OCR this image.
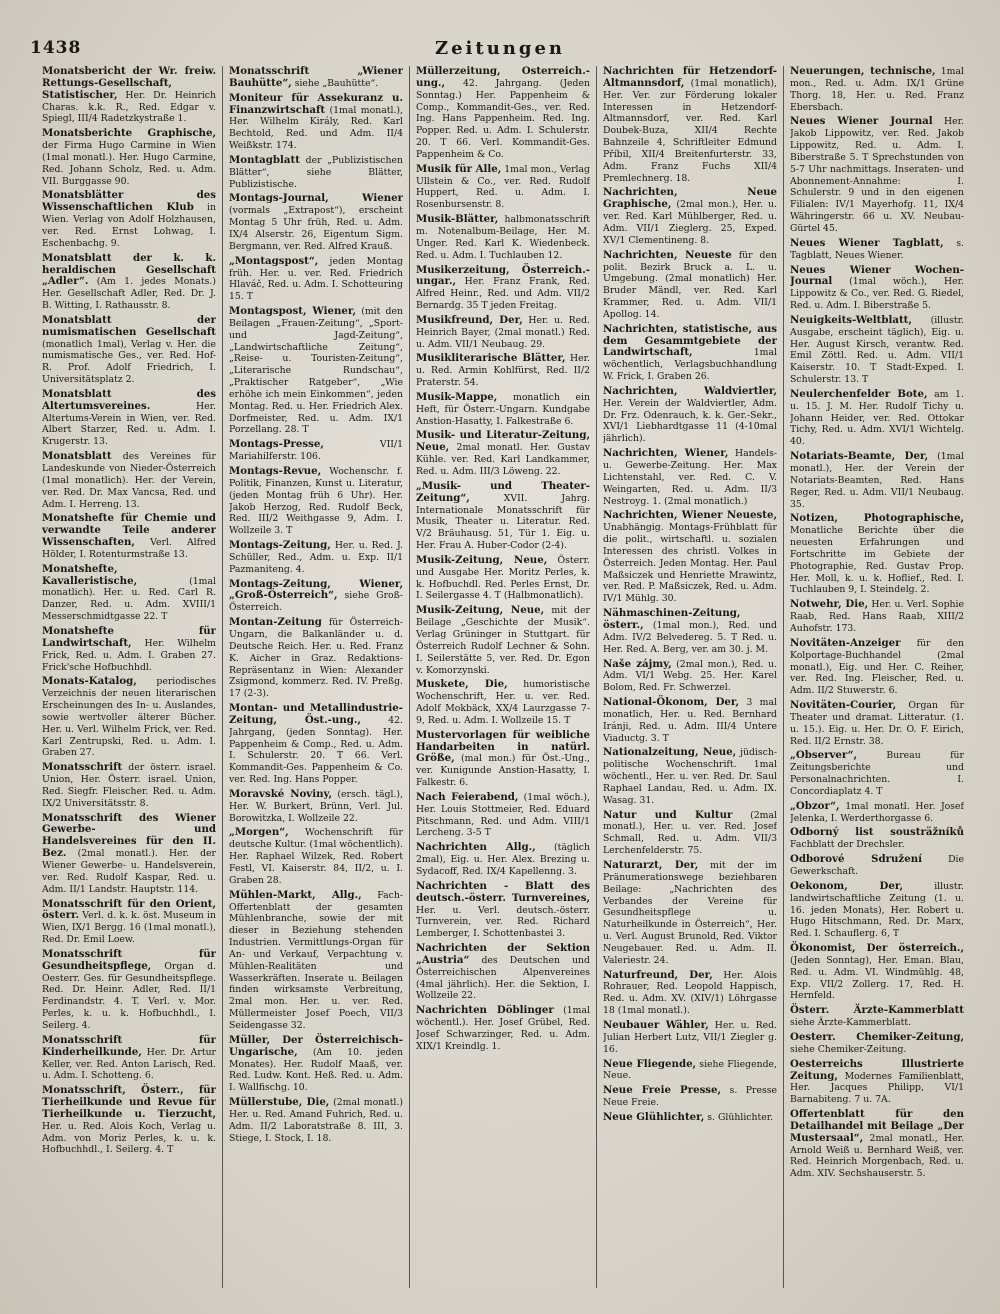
1438	Zeitungen
Monatsbericht der Wr. freiw. Rettungs-Gesellschaft, Statistischer, Her. Dr. Heinrich Charas. k.k. R., Red. Edgar v. Spiegl, III/4 Radetzkystraße 1.
Monatsberichte Graphische, der Firma Hugo Carmine in Wien (1mal monatl.). Her. Hugo Carmine, Red. Johann Scholz, Red. u. Adm. VII. Burggasse 90.
Monatsblätter des Wissenschaftlichen Klub in Wien. Verlag von Adolf Holzhausen, ver. Red. Ernst Lohwag, I. Eschenbachg. 9.
Monatsblatt der k. k. heraldischen Gesellschaft „Adler“. (Am 1. jedes Monats.) Her. Gesellschaft Adler, Red. Dr. J. B. Witting, I. Rathausstr. 8.
Monatsblatt der numismatischen Gesellschaft (monatlich 1mal), Verlag v. Her. die numismatische Ges., ver. Red. Hof-R. Prof. Adolf Friedrich, I. Universitätsplatz 2.
Monatsblatt des Altertumsvereines. Her. Altertums-Verein in Wien, ver. Red. Albert Starzer, Red. u. Adm. I. Krugerstr. 13.
Monatsblatt des Vereines für Landeskunde von Nieder-Österreich (1mal monatlich). Her. der Verein, ver. Red. Dr. Max Vancsa, Red. und Adm. I. Herreng. 13.
Monatshefte für Chemie und verwandte Teile anderer Wissenschaften, Verl. Alfred Hölder, I. Rotenturmstraße 13.
Monatshefte, Kavalleristische, (1mal monatlich). Her. u. Red. Carl R. Danzer, Red. u. Adm. XVIII/1 Messerschmidtgasse 22. T
Monatshefte für Landwirtschaft, Her. Wilhelm Frick, Red. u. Adm. I. Graben 27. Frick'sche Hofbuchhdl.
Monats-Katalog, periodisches Verzeichnis der neuen literarischen Erscheinungen des In- u. Auslandes, sowie wertvoller älterer Bücher. Her. u. Verl. Wilhelm Frick, ver. Red. Karl Zentrupski, Red. u. Adm. I. Graben 27.
Monatsschrift der österr. israel. Union, Her. Österr. israel. Union, Red. Siegfr. Fleischer. Red. u. Adm. IX/2 Universitätsstr. 8.
Monatsschrift des Wiener Gewerbe- und Handelsvereines für den II. Bez. (2mal monatl.). Her. der Wiener Gewerbe- u. Handelsverein, ver. Red. Rudolf Kaspar, Red. u. Adm. II/1 Landstr. Hauptstr. 114.
Monatsschrift für den Orient, österr. Verl. d. k. k. öst. Museum in Wien, IX/1 Bergg. 16 (1mal monatl.), Red. Dr. Emil Loew.
Monatsschrift für Gesundheitspflege, Organ d. Oesterr. Ges. für Gesundheitspflege. Red. Dr. Heinr. Adler, Red. II/1 Ferdinandstr. 4. T. Verl. v. Mor. Perles, k. u. k. Hofbuchhdl., I. Seilerg. 4.
Monatsschrift für Kinderheilkunde, Her. Dr. Artur Keller, ver. Red. Anton Larisch, Red. u. Adm. I. Schotteng. 6.
Monatsschrift, Österr., für Tierheilkunde und Revue für Tierheilkunde u. Tierzucht, Her. u. Red. Alois Koch, Verlag u. Adm. von Moriz Perles, k. u. k. Hofbuchhdl., I. Seilerg. 4. T
Monatsschrift „Wiener Bauhütte“, siehe „Bauhütte“.
Moniteur für Assekuranz u. Finanzwirtschaft (1mal monatl.), Her. Wilhelm Király, Red. Karl Bechtold, Red. und Adm. II/4 Weißkstr. 174.
Montagblatt der „Publizistischen Blätter“, siehe Blätter, Publizistische.
Montags-Journal, Wiener (vormals „Extrapost“), erscheint Montag 5 Uhr früh, Red. u. Adm. IX/4 Alserstr. 26, Eigentum Sigm. Bergmann, ver. Red. Alfred Krauß.
„Montagspost“, jeden Montag früh. Her. u. ver. Red. Friedrich Hlaváč, Red. u. Adm. I. Schotteuring 15. T
Montagspost, Wiener, (mit den Beilagen „Frauen-Zeitung“, „Sport- und Jagd-Zeitung“, „Landwirtschaftliche Zeitung“, „Reise- u. Touristen-Zeitung“, „Literarische Rundschau“, „Praktischer Ratgeber“, „Wie erhöhe ich mein Einkommen“, jeden Montag. Red. u. Her. Friedrich Alex. Dorfmeister, Red. u. Adm. IX/1 Porzellang. 28. T
Montags-Presse, VII/1 Mariahilferstr. 106.
Montags-Revue, Wochenschr. f. Politik, Finanzen, Kunst u. Literatur, (jeden Montag früh 6 Uhr). Her. Jakob Herzog, Red. Rudolf Beck, Red. III/2 Weithgasse 9, Adm. I. Wollzeile 3. T
Montags-Zeitung, Her. u. Red. J. Schüller, Red., Adm. u. Exp. II/1 Pazmaniteng. 4.
Montags-Zeitung, Wiener, „Groß-Österreich“, siehe Groß-Österreich.
Montan-Zeitung für Österreich-Ungarn, die Balkanländer u. d. Deutsche Reich. Her. u. Red. Franz K. Aicher in Graz. Redaktions-Repräsentanz in Wien: Alexander Zsigmond, kommerz. Red. IV. Preßg. 17 (2-3).
Montan- und Metallindustrie-Zeitung, Öst.-ung., 42. Jahrgang, (jeden Sonntag). Her. Pappenheim & Comp., Red. u. Adm. I. Schulerstr. 20. T 66. Verl. Kommandit-Ges. Pappenheim & Co. ver. Red. Ing. Hans Popper.
Moravské Noviny, (ersch. tägl.), Her. W. Burkert, Brünn, Verl. Jul. Borowitzka, I. Wollzeile 22.
„Morgen“, Wochenschrift für deutsche Kultur. (1mal wöchentlich). Her. Raphael Wilzek, Red. Robert Festl, VI. Kaiserstr. 84, II/2, u. I. Graben 28.
Mühlen-Markt, Allg., Fach-Offertenblatt der gesamten Mühlenbranche, sowie der mit dieser in Beziehung stehenden Industrien. Vermittlungs-Organ für An- und Verkauf, Verpachtung v. Mühlen-Realitäten und Wasserkräften. Inserate u. Beilagen finden wirksamste Verbreitung, 2mal mon. Her. u. ver. Red. Müllermeister Josef Poech, VII/3 Seidengasse 32.
Müller, Der Österreichisch-Ungarische, (Am 10. jeden Monates). Her. Rudolf Maaß, ver. Red. Ludw. Kont. Heß. Red. u. Adm. I. Wallfischg. 10.
Müllerstube, Die, (2mal monatl.) Her. u. Red. Amand Fuhrich, Red. u. Adm. II/2 Laboratstraße 8. III, 3. Stiege, I. Stock, I. 18.
Müllerzeitung, Österreich.-ung., 42. Jahrgang. (Jeden Sonntag.) Her. Pappenheim & Comp., Kommandit-Ges., ver. Red. Ing. Hans Pappenheim. Red. Ing. Popper. Red. u. Adm. I. Schulerstr. 20. T 66. Verl. Kommandit-Ges. Pappenheim & Co.
Musik für Alle, 1mal mon., Verlag Ullstein & Co., ver. Red. Rudolf Huppert, Red. u. Adm. I. Rosenbursenstr. 8.
Musik-Blätter, halbmonatsschrift m. Notenalbum-Beilage, Her. M. Unger. Red. Karl K. Wiedenbeck. Red. u. Adm. I. Tuchlauben 12.
Musikerzeitung, Österreich.-ungar., Her. Franz Frank, Red. Alfred Heinr., Red. und Adm. VII/2 Bernardg. 35 T jeden Freitag.
Musikfreund, Der, Her. u. Red. Heinrich Bayer, (2mal monatl.) Red. u. Adm. VII/1 Neubaug. 29.
Musikliterarische Blätter, Her. u. Red. Armin Kohlfürst, Red. II/2 Praterstr. 54.
Musik-Mappe, monatlich ein Heft, für Österr.-Ungarn. Kundgabe Anstion-Hasatty, I. Falkestraße 6.
Musik- und Literatur-Zeitung, Neue, 2mal monatl. Her. Gustav Kühle. ver. Red. Karl Landkammer, Red. u. Adm. III/3 Löweng. 22.
„Musik- und Theater-Zeitung“, XVII. Jahrg. Internationale Monatsschrift für Musik, Theater u. Literatur. Red. V/2 Bräuhausg. 51, Tür 1. Eig. u. Her. Frau A. Huber-Codor (2-4).
Musik-Zeitung, Neue, Österr. und Ausgabe Her. Moritz Perles, k. k. Hofbuchdl. Red. Perles Ernst, Dr. I. Seilergasse 4. T (Halbmonatlich).
Musik-Zeitung, Neue, mit der Beilage „Geschichte der Musik“. Verlag Grüninger in Stuttgart. für Österreich Rudolf Lechner & Sohn. I. Seilerstätte 5, ver. Red. Dr. Egon v. Komorzynski.
Muskete, Die, humoristische Wochenschrift, Her. u. ver. Red. Adolf Mokbäck, XX/4 Laurzgasse 7-9, Red. u. Adm. I. Wollzeile 15. T
Mustervorlagen für weibliche Handarbeiten in natürl. Größe, (mal mon.) für Öst.-Ung., ver. Kunigunde Anstion-Hasatty, I. Falkestr. 6.
Nach Feierabend, (1mal wöch.), Her. Louis Stottmeier, Red. Eduard Pitschmann, Red. und Adm. VIII/1 Lercheng. 3-5 T
Nachrichten Allg., (täglich 2mal), Eig. u. Her. Alex. Brezing u. Sydacoff, Red. IX/4 Kapellenng. 3.
Nachrichten - Blatt des deutsch.-österr. Turnvereines, Her. u. Verl. deutsch.-österr. Turnverein, ver. Red. Richard Lemberger, I. Schottenbastei 3.
Nachrichten der Sektion „Austria“ des Deutschen und Österreichischen Alpenvereines (4mal jährlich). Her. die Sektion, I. Wollzeile 22.
Nachrichten Döblinger (1mal wöchentl.). Her. Josef Grübel, Red. Josef Schwarzinger, Red. u. Adm. XIX/1 Kreindlg. 1.
Nachrichten für Hetzendorf-Altmannsdorf, (1mal monatlich), Her. Ver. zur Förderung lokaler Interessen in Hetzendorf-Altmannsdorf, ver. Red. Karl Doubek-Buza, XII/4 Rechte Bahnzeile 4, Schriftleiter Edmund Příbil, XII/4 Breitenfurterstr. 33, Adm. Franz Fuchs XII/4 Premlechnerg. 18.
Nachrichten, Neue Graphische, (2mal mon.), Her. u. ver. Red. Karl Mühlberger, Red. u. Adm. VII/1 Zieglerg. 25, Exped. XV/1 Clementineng. 8.
Nachrichten, Neueste für den polit. Bezirk Bruck a. L. u. Umgebung. (2mal monatlich) Her. Bruder Mändl, ver. Red. Karl Krammer, Red. u. Adm. VII/1 Apollog. 14.
Nachrichten, statistische, aus dem Gesammtgebiete der Landwirtschaft, 1mal wöchentlich, Verlagsbuchhandlung W. Frick, I. Graben 26.
Nachrichten, Waldviertler, Her. Verein der Waldviertler, Adm. Dr. Frz. Odenrauch, k. k. Ger.-Sekr., XVI/1 Liebhardtgasse 11 (4-10mal jährlich).
Nachrichten, Wiener, Handels- u. Gewerbe-Zeitung. Her. Max Lichtenstahl, ver. Red. C. V. Weingarten, Red. u. Adm. II/3 Nestroyg. 1. (2mal monatlich.)
Nachrichten, Wiener Neueste, Unabhängig. Montags-Frühblatt für die polit., wirtschaftl. u. sozialen Interessen des christl. Volkes in Österreich. Jeden Montag. Her. Paul Maßsiczek und Henriette Mrawintz, ver. Red. P. Maßsiczek, Red. u. Adm. IV/1 Mühlg. 30.
Nähmaschinen-Zeitung, österr., (1mal mon.), Red. und Adm. IV/2 Belvedereg. 5. T Red. u. Her. Red. A. Berg, ver. am 30. j. M.
Naše zájmy, (2mal mon.), Red. u. Adm. VI/1 Webg. 25. Her. Karel Bolom, Red. Fr. Schwerzel.
National-Ökonom, Der, 3 mal monatlich, Her. u. Red. Bernhard Iránji, Red. u. Adm. III/4 Untere Viaductg. 3. T
Nationalzeitung, Neue, jüdisch-politische Wochenschrift. 1mal wöchentl., Her. u. ver. Red. Dr. Saul Raphael Landau, Red. u. Adm. IX. Wasag. 31.
Natur und Kultur (2mal monatl.), Her. u. ver. Red. Josef Schmall, Red. u. Adm. VII/3 Lerchenfelderstr. 75.
Naturarzt, Der, mit der im Pränumerationswege beziehbaren Beilage: „Nachrichten des Verbandes der Vereine für Gesundheitspflege u. Naturheilkunde in Österreich“, Her. u. Verl. August Brunold, Red. Viktor Neugebauer. Red. u. Adm. II. Valeriestr. 24.
Naturfreund, Der, Her. Alois Rohrauer, Red. Leopold Happisch, Red. u. Adm. XV. (XIV/1) Löhrgasse 18 (1mal monatl.).
Neubauer Wähler, Her. u. Red. Julian Herbert Lutz, VII/1 Ziegler g. 16.
Neue Fliegende, siehe Fliegende, Neue.
Neue Freie Presse, s. Presse Neue Freie.
Neue Glühlichter, s. Glühlichter.
Neuerungen, technische, 1mal mon., Red. u. Adm. IX/1 Grüne Thorg. 18, Her. u. Red. Franz Ebersbach.
Neues Wiener Journal Her. Jakob Lippowitz, ver. Red. Jakob Lippowitz, Red. u. Adm. I. Biberstraße 5. T Sprechstunden von 5-7 Uhr nachmittags. Inseraten- und Abonnement-Annahme: I. Schulerstr. 9 und in den eigenen Filialen: IV/1 Mayerhofg. 11, IX/4 Währingerstr. 66 u. XV. Neubau-Gürtel 45.
Neues Wiener Tagblatt, s. Tagblatt, Neues Wiener.
Neues Wiener Wochen-Journal (1mal wöch.), Her. Lippowitz & Co., ver. Red. G. Riedel, Red. u. Adm. I. Biberstraße 5.
Neuigkeits-Weltblatt, (illustr. Ausgabe, erscheint täglich), Eig. u. Her. August Kirsch, verantw. Red. Emil Zöttl. Red. u. Adm. VII/1 Kaiserstr. 10. T Stadt-Exped. I. Schulerstr. 13. T
Neulerchenfelder Bote, am 1. u. 15. J. M. Her. Rudolf Tichy u. Johann Heider, ver. Red. Ottokar Tichy, Red. u. Adm. XVI/1 Wichtelg. 40.
Notariats-Beamte, Der, (1mal monatl.), Her. der Verein der Notariats-Beamten, Red. Hans Reger, Red. u. Adm. VII/1 Neubaug. 35.
Notizen, Photographische, Monatliche Berichte über die neuesten Erfahrungen und Fortschritte im Gebiete der Photographie, Red. Gustav Prop. Her. Moll, k. u. k. Hoflief., Red. I. Tuchlauben 9, I. Steindelg. 2.
Notwehr, Die, Her. u. Verl. Sophie Raab, Red. Hans Raab, XIII/2 Auhofstr. 173.
Novitäten-Anzeiger für den Kolportage-Buchhandel (2mal monatl.), Eig. und Her. C. Reiher, ver. Red. Ing. Fleischer, Red. u. Adm. II/2 Stuwerstr. 6.
Novitäten-Courier, Organ für Theater und dramat. Litteratur. (1. u. 15.). Eig. u. Her. Dr. O. F. Eirich, Red. II/2 Ernstr. 38.
„Observer“, Bureau für Zeitungsberichte und Personalnachrichten. I. Concordiaplatz 4. T
„Obzor“, 1mal monatl. Her. Josef Jelenka, I. Werderthorgasse 6.
Odborný list sousträžníků Fachblatt der Drechsler.
Odborové Sdružení Die Gewerkschaft.
Oekonom, Der, illustr. landwirtschaftliche Zeitung (1. u. 16. jeden Monats), Her. Robert u. Hugo Hitschmann, Red. Dr. Marx, Red. I. Schauflerg. 6, T
Ökonomist, Der österreich., (Jeden Sonntag), Her. Eman. Blau, Red. u. Adm. VI. Windmühlg. 48, Exp. VII/2 Zollerg. 17, Red. H. Hernfeld.
Österr. Ärzte-Kammerblatt siehe Ärzte-Kammerblatt.
Oesterr. Chemiker-Zeitung, siehe Chemiker-Zeitung.
Oesterreichs Illustrierte Zeitung, Modernes Familienblatt, Her. Jacques Philipp, VI/1 Barnabiteng. 7 u. 7A.
Offertenblatt für den Detailhandel mit Beilage „Der Mustersaal“, 2mal monatl., Her. Arnold Weiß u. Bernhard Weiß, ver. Red. Heinrich Morgenbach, Red. u. Adm. XIV. Sechshauserstr. 5.
